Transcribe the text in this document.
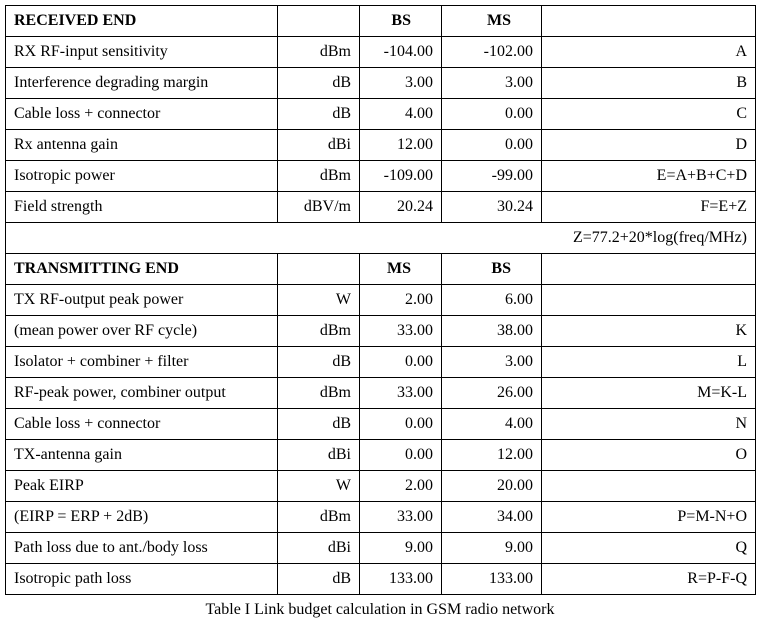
RECEIVED END		BS	MS	
RX RF-input sensitivity	dBm	-104.00	-102.00	A
Interference degrading margin	dB	3.00	3.00	B
Cable loss + connector	dB	4.00	0.00	C
Rx antenna gain	dBi	12.00	0.00	D
Isotropic power	dBm	-109.00	-99.00	E=A+B+C+D
Field strength	dBV/m	20.24	30.24	F=E+Z
Z=77.2+20*log(freq/MHz)				
TRANSMITTING END		MS	BS	
TX RF-output peak power	W	2.00	6.00	
(mean power over RF cycle)	dBm	33.00	38.00	K
Isolator + combiner + filter	dB	0.00	3.00	L
RF-peak power, combiner output	dBm	33.00	26.00	M=K-L
Cable loss + connector	dB	0.00	4.00	N
TX-antenna gain	dBi	0.00	12.00	O
Peak EIRP	W	2.00	20.00	
(EIRP = ERP + 2dB)	dBm	33.00	34.00	P=M-N+O
Path loss due to ant./body loss	dBi	9.00	9.00	Q
Isotropic path loss	dB	133.00	133.00	R=P-F-Q
Table I Link budget calculation in GSM radio network
